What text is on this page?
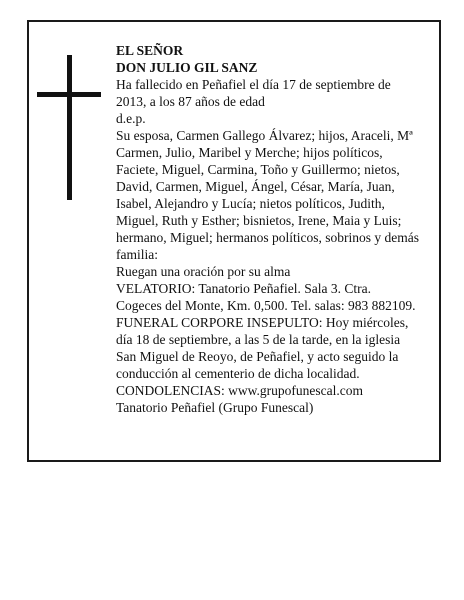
EL SEÑOR
DON JULIO GIL SANZ
Ha fallecido en Peñafiel el día 17 de septiembre de
2013, a los 87 años de edad
d.e.p.
Su esposa, Carmen Gallego Álvarez; hijos, Araceli, Mª
Carmen, Julio, Maribel y Merche; hijos políticos,
Faciete, Miguel, Carmina, Toño y Guillermo; nietos,
David, Carmen, Miguel, Ángel, César, María, Juan,
Isabel, Alejandro y Lucía; nietos políticos, Judith,
Miguel, Ruth y Esther; bisnietos, Irene, Maia y Luis;
hermano, Miguel; hermanos políticos, sobrinos y demás
familia:
Ruegan una oración por su alma
VELATORIO: Tanatorio Peñafiel. Sala 3. Ctra.
Cogeces del Monte, Km. 0,500. Tel. salas: 983 882109.
FUNERAL CORPORE INSEPULTO: Hoy miércoles,
día 18 de septiembre, a las 5 de la tarde, en la iglesia
San Miguel de Reoyo, de Peñafiel, y acto seguido la
conducción al cementerio de dicha localidad.
CONDOLENCIAS: www.grupofunescal.com
Tanatorio Peñafiel (Grupo Funescal)
